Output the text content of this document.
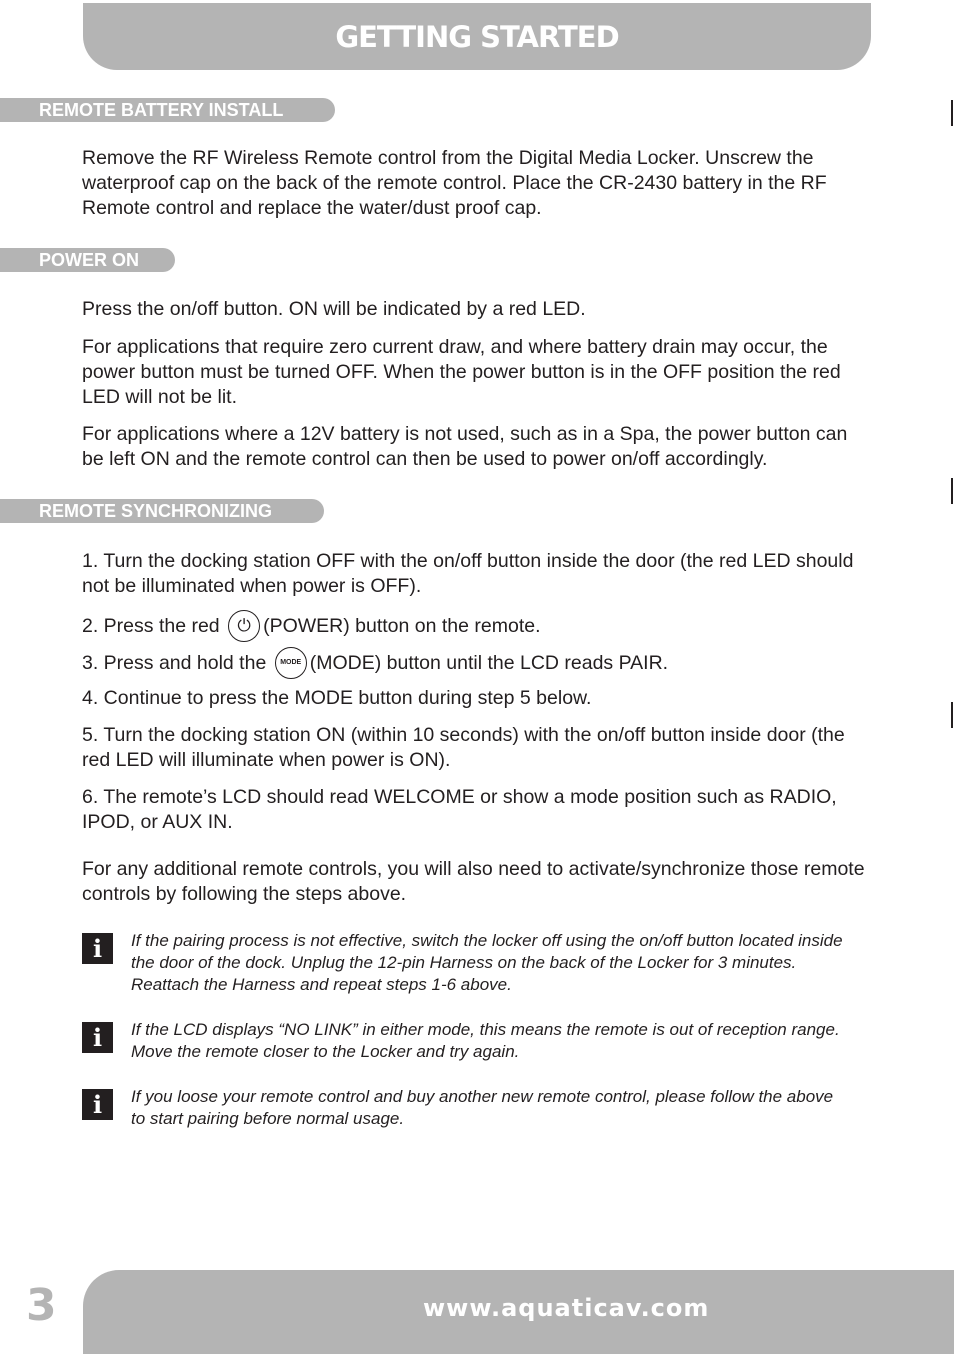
GETTING STARTED
REMOTE BATTERY INSTALL

Remove the RF Wireless Remote control from the Digital Media Locker. Unscrew the waterproof cap on the back of the remote control. Place the CR-2430 battery in the RF Remote control and replace the water/dust proof cap.

POWER ON

Press the on/off button. ON will be indicated by a red LED.

For applications that require zero current draw, and where battery drain may occur, the power button must be turned OFF. When the power button is in the OFF position the red LED will not be lit.

For applications where a 12V battery is not used, such as in a Spa, the power button can be left ON and the remote control can then be used to power on/off accordingly.

REMOTE SYNCHRONIZING

1. Turn the docking station OFF with the on/off button inside the door (the red LED should not be illuminated when power is OFF).

2. Press the red ⏻ (POWER) button on the remote.

3. Press and hold the MODE (MODE) button until the LCD reads PAIR.

4. Continue to press the MODE button during step 5 below.

5. Turn the docking station ON (within 10 seconds) with the on/off button inside door (the red LED will illuminate when power is ON).

6. The remote’s LCD should read WELCOME or show a mode position such as RADIO, IPOD, or AUX IN.

For any additional remote controls, you will also need to activate/synchronize those remote controls by following the steps above.

i	If the pairing process is not effective, switch the locker off using the on/off button located inside the door of the dock. Unplug the 12-pin Harness on the back of the Locker for 3 minutes. Reattach the Harness and repeat steps 1-6 above.

i	If the LCD displays “NO LINK” in either mode, this means the remote is out of reception range. Move the remote closer to the Locker and try again.

i	If you loose your remote control and buy another new remote control, please follow the above to start pairing before normal usage.

3	www.aquaticav.com
